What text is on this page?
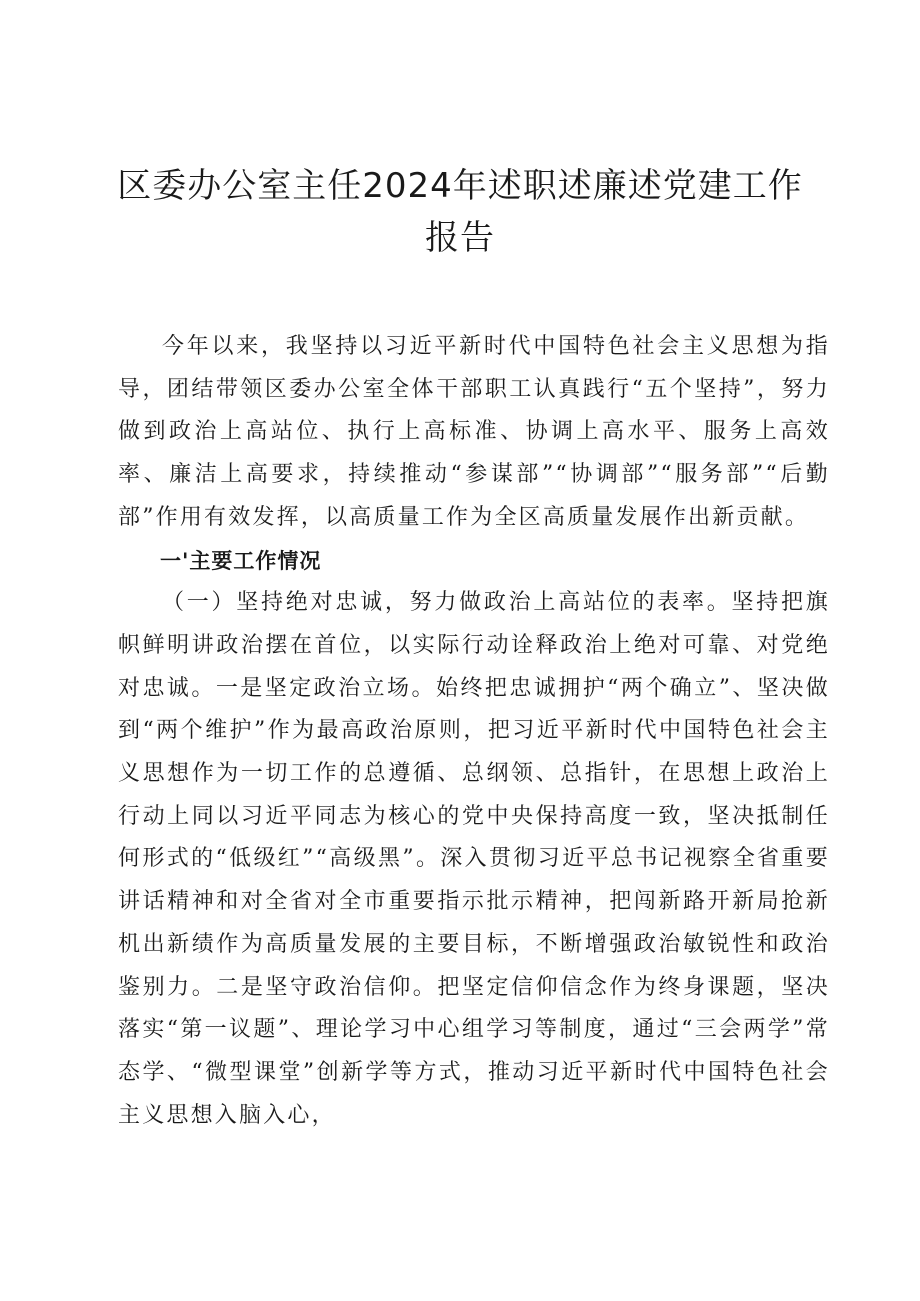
区委办公室主任2024年述职述廉述党建工作报告

今年以来，我坚持以习近平新时代中国特色社会主义思想为指导，团结带领区委办公室全体干部职工认真践行“五个坚持”，努力做到政治上高站位、执行上高标准、协调上高水平、服务上高效率、廉洁上高要求，持续推动“参谋部”“协调部”“服务部”“后勤部”作用有效发挥，以高质量工作为全区高质量发展作出新贡献。

一'主要工作情况

（一）坚持绝对忠诚，努力做政治上高站位的表率。坚持把旗帜鲜明讲政治摆在首位，以实际行动诠释政治上绝对可靠、对党绝对忠诚。一是坚定政治立场。始终把忠诚拥护“两个确立”、坚决做到“两个维护”作为最高政治原则，把习近平新时代中国特色社会主义思想作为一切工作的总遵循、总纲领、总指针，在思想上政治上行动上同以习近平同志为核心的党中央保持高度一致，坚决抵制任何形式的“低级红”“高级黑”。深入贯彻习近平总书记视察全省重要讲话精神和对全省对全市重要指示批示精神，把闯新路开新局抢新机出新绩作为高质量发展的主要目标，不断增强政治敏锐性和政治鉴别力。二是坚守政治信仰。把坚定信仰信念作为终身课题，坚决落实“第一议题”、理论学习中心组学习等制度，通过“三会两学”常态学、“微型课堂”创新学等方式，推动习近平新时代中国特色社会主义思想入脑入心，
